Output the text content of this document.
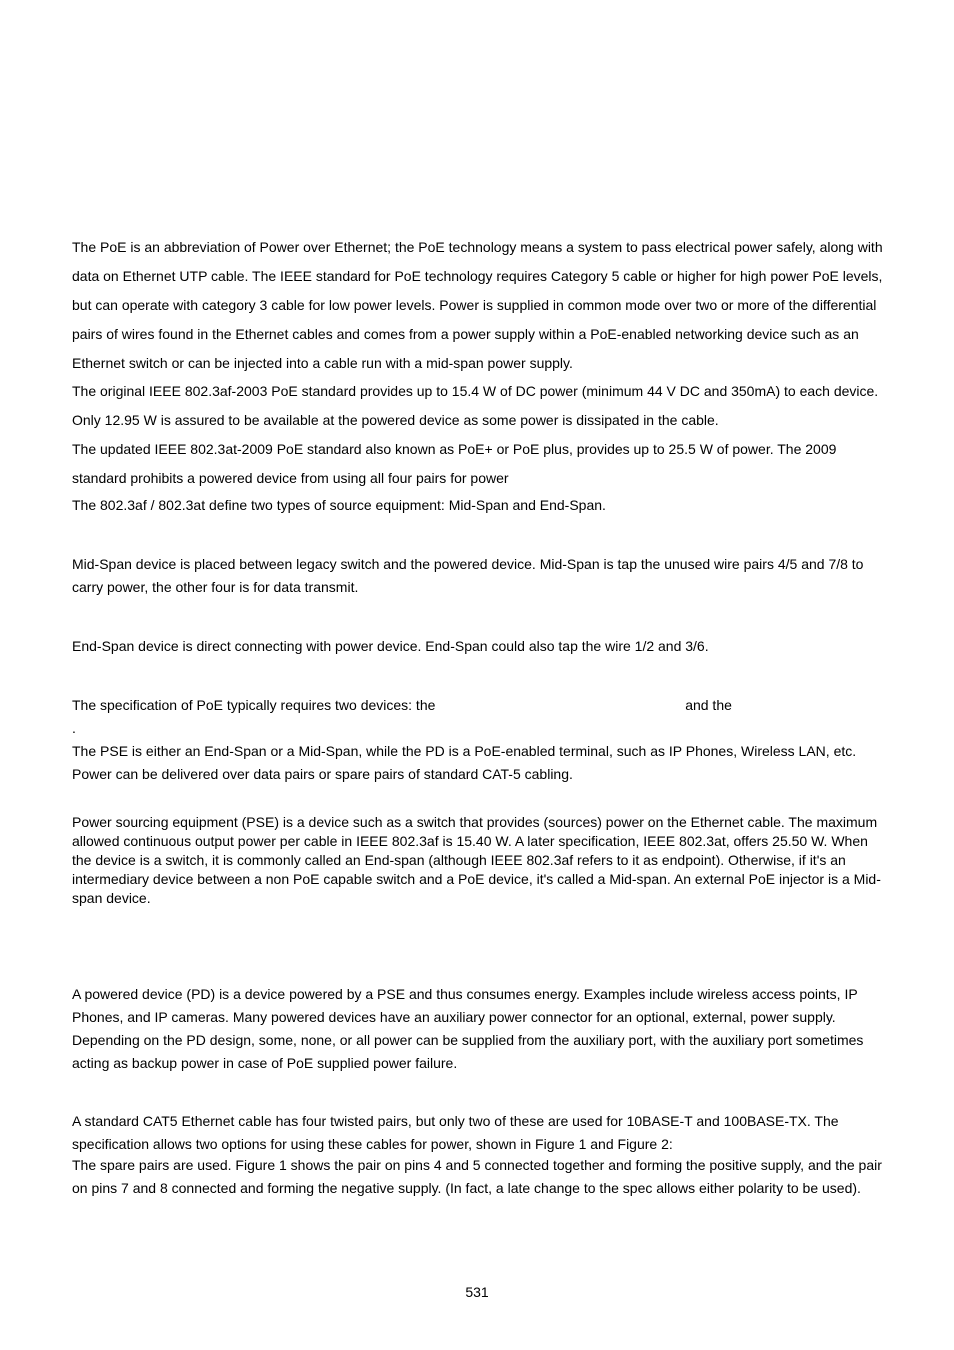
The PoE is an abbreviation of Power over Ethernet; the PoE technology means a system to pass electrical power safely, along with data on Ethernet UTP cable. The IEEE standard for PoE technology requires Category 5 cable or higher for high power PoE levels, but can operate with category 3 cable for low power levels. Power is supplied in common mode over two or more of the differential pairs of wires found in the Ethernet cables and comes from a power supply within a PoE-enabled networking device such as an Ethernet switch or can be injected into a cable run with a mid-span power supply.

The original IEEE 802.3af-2003 PoE standard provides up to 15.4 W of DC power (minimum 44 V DC and 350mA) to each device. Only 12.95 W is assured to be available at the powered device as some power is dissipated in the cable.

The updated IEEE 802.3at-2009 PoE standard also known as PoE+ or PoE plus, provides up to 25.5 W of power. The 2009 standard prohibits a powered device from using all four pairs for power

The 802.3af / 802.3at define two types of source equipment: Mid-Span and End-Span.

Mid-Span device is placed between legacy switch and the powered device. Mid-Span is tap the unused wire pairs 4/5 and 7/8 to carry power, the other four is for data transmit.

End-Span device is direct connecting with power device. End-Span could also tap the wire 1/2 and 3/6.

The specification of PoE typically requires two devices: the	and the .
The PSE is either an End-Span or a Mid-Span, while the PD is a PoE-enabled terminal, such as IP Phones, Wireless LAN, etc. Power can be delivered over data pairs or spare pairs of standard CAT-5 cabling.

Power sourcing equipment (PSE) is a device such as a switch that provides (sources) power on the Ethernet cable. The maximum allowed continuous output power per cable in IEEE 802.3af is 15.40 W. A later specification, IEEE 802.3at, offers 25.50 W. When the device is a switch, it is commonly called an End-span (although IEEE 802.3af refers to it as endpoint). Otherwise, if it's an intermediary device between a non PoE capable switch and a PoE device, it's called a Mid-span. An external PoE injector is a Mid-span device.

A powered device (PD) is a device powered by a PSE and thus consumes energy. Examples include wireless access points, IP Phones, and IP cameras. Many powered devices have an auxiliary power connector for an optional, external, power supply. Depending on the PD design, some, none, or all power can be supplied from the auxiliary port, with the auxiliary port sometimes acting as backup power in case of PoE supplied power failure.

A standard CAT5 Ethernet cable has four twisted pairs, but only two of these are used for 10BASE-T and 100BASE-TX. The specification allows two options for using these cables for power, shown in Figure 1 and Figure 2:

The spare pairs are used. Figure 1 shows the pair on pins 4 and 5 connected together and forming the positive supply, and the pair on pins 7 and 8 connected and forming the negative supply. (In fact, a late change to the spec allows either polarity to be used).

531
